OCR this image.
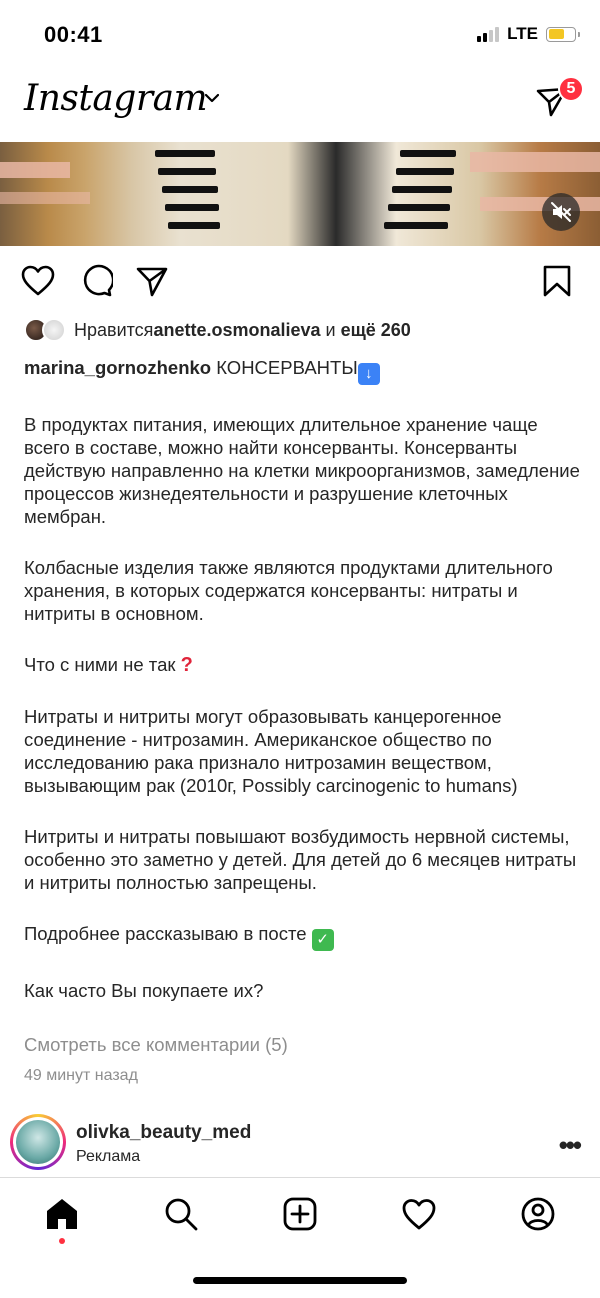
00:41	LTE
Instagram	5
Нравится anette.osmonalieva и ещё 260

marina_gornozhenko КОНСЕРВАНТЫ ↓

В продуктах питания, имеющих длительное хранение чаще всего в составе, можно найти консерванты. Консерванты действую направленно на клетки микроорганизмов, замедление процессов жизнедеятельности и разрушение клеточных мембран.

Колбасные изделия также являются продуктами длительного хранения, в которых содержатся консерванты: нитраты и нитриты в основном.

Что с ними не так ?

Нитраты и нитриты могут образовывать канцерогенное соединение - нитрозамин. Американское общество по исследованию рака признало нитрозамин веществом, вызывающим рак (2010г, Possibly carcinogenic to humans)

Нитриты и нитраты повышают возбудимость нервной системы, особенно это заметно у детей. Для детей до 6 месяцев нитраты и нитриты полностью запрещены.

Подробнее рассказываю в посте ✓

Как часто Вы покупаете их?

Смотреть все комментарии (5)
49 минут назад
olivka_beauty_med
Реклама	•••
